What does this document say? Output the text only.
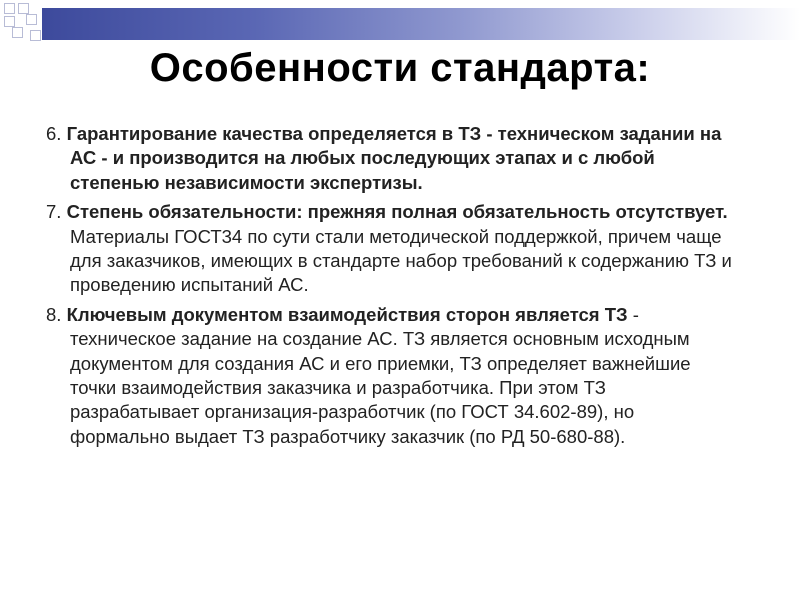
Особенности стандарта:

6. Гарантирование качества определяется в ТЗ - техническом задании на АС - и производится на любых последующих этапах и с любой степенью независимости экспертизы.

7. Степень обязательности: прежняя полная обязательность отсутствует. Материалы ГОСТ34 по сути стали методической поддержкой, причем чаще для заказчиков, имеющих в стандарте набор требований к содержанию ТЗ и проведению испытаний АС.

8. Ключевым документом взаимодействия сторон является ТЗ - техническое задание на создание АС. ТЗ является основным исходным документом для создания АС и его приемки, ТЗ определяет важнейшие точки взаимодействия заказчика и разработчика. При этом ТЗ разрабатывает организация-разработчик (по ГОСТ 34.602-89), но формально выдает ТЗ разработчику заказчик (по РД 50-680-88).
